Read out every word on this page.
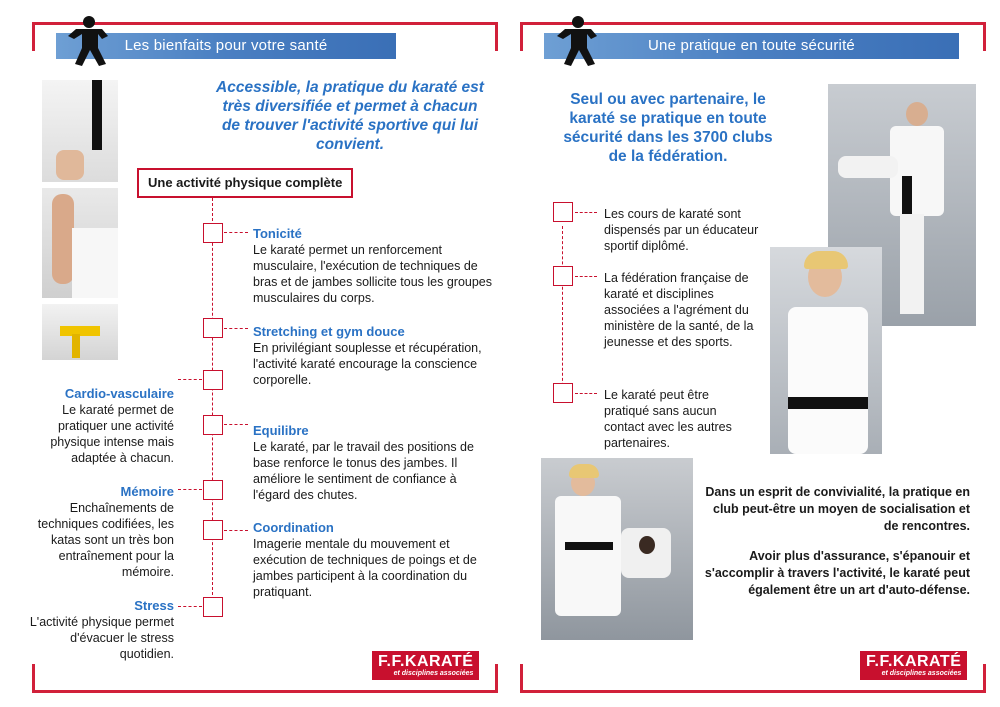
Les bienfaits pour votre santé
Accessible, la pratique du karaté est très diversifiée et permet à chacun de trouver l'activité sportive qui lui convient.
Une activité physique complète
Tonicité
Le karaté permet un renforcement musculaire, l'exécution de techniques de bras et de jambes sollicite tous les groupes musculaires du corps.
Stretching et gym douce
En privilégiant souplesse et récupération, l'activité karaté encourage la conscience corporelle.
Equilibre
Le karaté, par le travail des positions de base renforce le tonus des jambes. Il améliore le sentiment de confiance à l'égard des chutes.
Coordination
Imagerie mentale du mouvement et exécution de techniques de poings et de jambes participent à la coordination du pratiquant.
Cardio-vasculaire
Le karaté permet de pratiquer une activité physique intense mais adaptée à chacun.
Mémoire
Enchaînements de techniques codifiées, les katas sont un très bon entraînement pour la mémoire.
Stress
L'activité physique permet d'évacuer le stress quotidien.	F.F.KARATÉ
et disciplines associées
Une pratique en toute sécurité
Seul ou avec partenaire, le karaté se pratique en toute sécurité dans les 3700 clubs de la fédération.
Les cours de karaté sont dispensés par un éducateur sportif diplômé.
La fédération française de karaté et disciplines associées a l'agrément du ministère de la santé, de la jeunesse et des sports.
Le karaté peut être pratiqué sans aucun contact avec les autres partenaires.
Dans un esprit de convivialité, la pratique en club peut-être un moyen de socialisation et de rencontres.
Avoir plus d'assurance, s'épanouir et s'accomplir à travers l'activité, le karaté peut également être un art d'auto-défense.
F.F.KARATÉ
et disciplines associées
